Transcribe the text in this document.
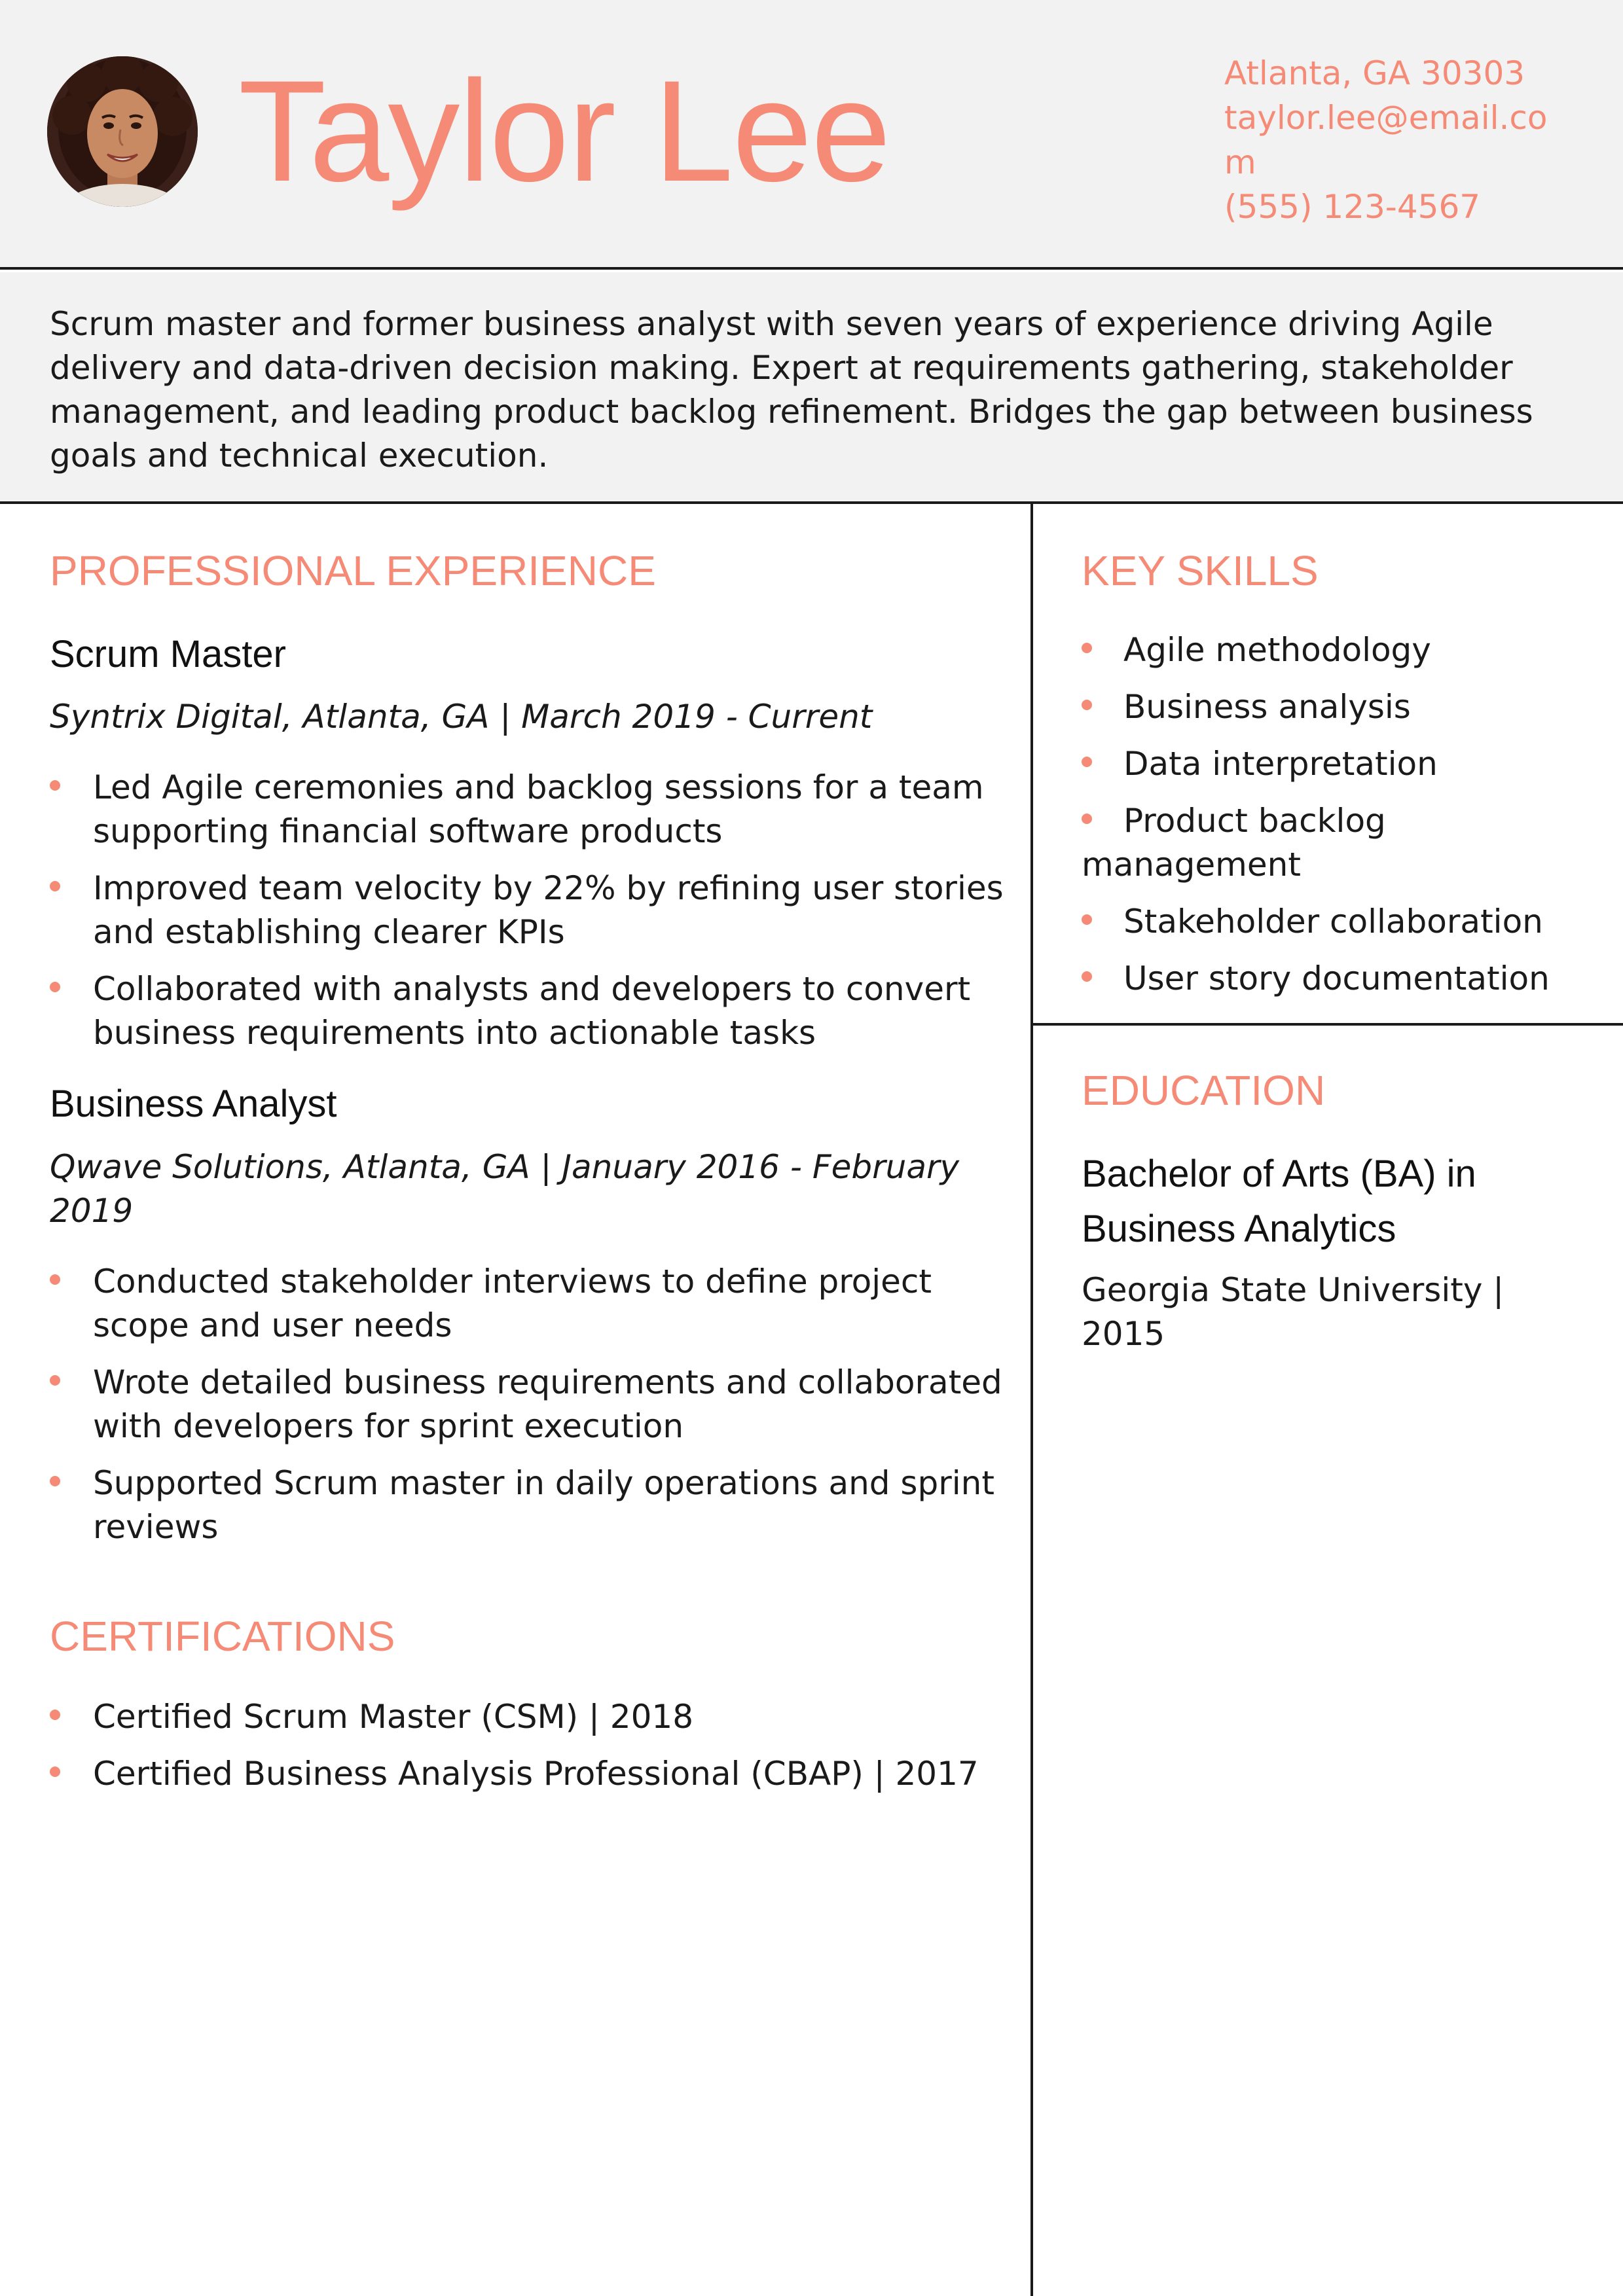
Taylor Lee	Atlanta, GA 30303
taylor.lee@email.com
(555) 123-4567
Scrum master and former business analyst with seven years of experience driving Agile delivery and data-driven decision making. Expert at requirements gathering, stakeholder management, and leading product backlog refinement. Bridges the gap between business goals and technical execution.
PROFESSIONAL EXPERIENCE
Scrum Master
Syntrix Digital, Atlanta, GA | March 2019 - Current
Led Agile ceremonies and backlog sessions for a team supporting financial software products
Improved team velocity by 22% by refining user stories and establishing clearer KPIs
Collaborated with analysts and developers to convert business requirements into actionable tasks
Business Analyst
Qwave Solutions, Atlanta, GA | January 2016 - February 2019
Conducted stakeholder interviews to define project scope and user needs
Wrote detailed business requirements and collaborated with developers for sprint execution
Supported Scrum master in daily operations and sprint reviews
CERTIFICATIONS
Certified Scrum Master (CSM) | 2018
Certified Business Analysis Professional (CBAP) | 2017
KEY SKILLS
Agile methodology
Business analysis
Data interpretation
Product backlog management
Stakeholder collaboration
User story documentation
EDUCATION
Bachelor of Arts (BA) in Business Analytics
Georgia State University | 2015
